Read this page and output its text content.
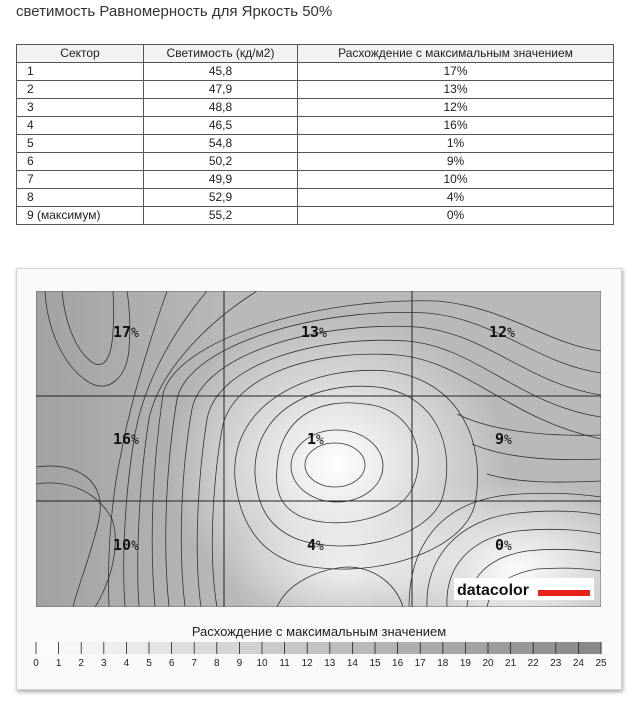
светимость Равномерность для Яркость 50%
Сектор	Светимость (кд/м2)	Расхождение с максимальным значением
1	45,8	17%
2	47,9	13%
3	48,8	12%
4	46,5	16%
5	54,8	1%
6	50,2	9%
7	49,9	10%
8	52,9	4%
9 (максимум)	55,2	0%
17%	13%	12%
16%	1%	9%
10%	4%	0%
datacolor
Расхождение с максимальным значением
0 1 2 3 4 5 6 7 8 9 10 11 12 13 14 15 16 17 18 19 20 21 22 23 24 25
